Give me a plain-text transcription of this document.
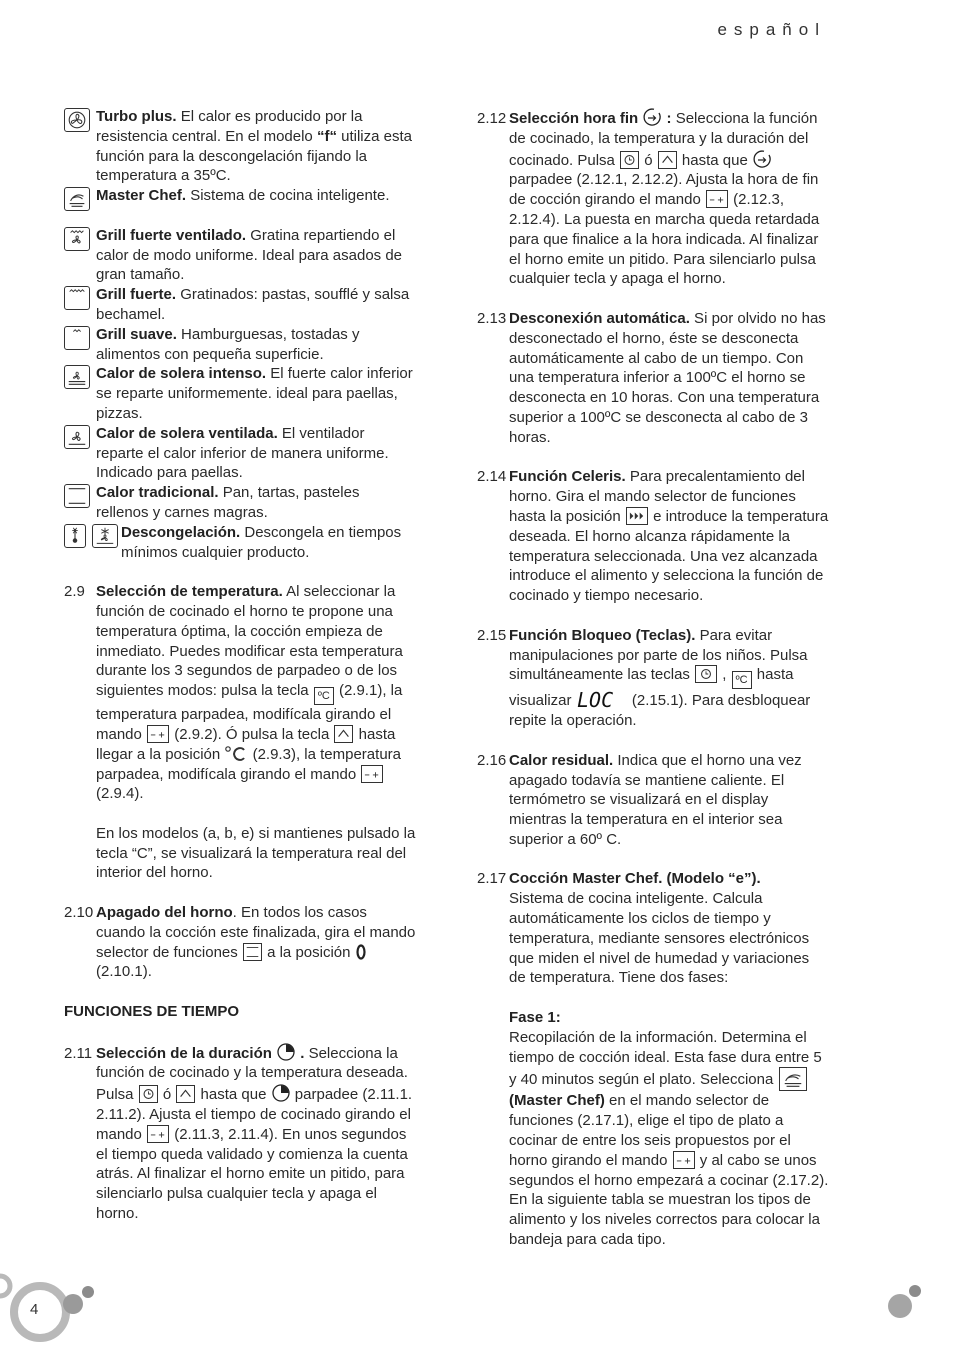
español

Turbo plus. El calor es producido por la resistencia central. En el modelo “f“ utiliza esta función para la descongelación fijando la temperatura a 35ºC.

Master Chef. Sistema de cocina inteligente.

Grill fuerte ventilado. Gratina repartiendo el calor de modo uniforme. Ideal para asados de gran tamaño.

Grill fuerte. Gratinados: pastas, soufflé y salsa bechamel.

Grill suave. Hamburguesas, tostadas y alimentos con pequeña superficie.

Calor de solera intenso. El fuerte calor inferior se reparte uniformemente. ideal para paellas, pizzas.

Calor de solera ventilada. El ventilador reparte el calor inferior de manera uniforme. Indicado para paellas.

Calor tradicional. Pan, tartas, pasteles rellenos y carnes magras.

Descongelación. Descongela en tiempos mínimos cualquier producto.

2.9 Selección de temperatura. Al seleccionar la función de cocinado el horno te propone una temperatura óptima, la cocción empieza de inmediato. Puedes modificar esta temperatura durante los 3 segundos de parpadeo o de los siguientes modos: pulsa la tecla ºC (2.9.1), la temperatura parpadea, modifícala girando el mando
(2.9.2). Ó pulsa la tecla
hasta llegar a la posición
(2.9.3), la temperatura parpadea, modifícala girando el mando
(2.9.4).

En los modelos (a, b, e) si mantienes pulsado la tecla “C”, se visualizará la temperatura real del interior del horno.

2.10 Apagado del horno. En todos los casos cuando la cocción este finalizada, gira el mando selector de funciones
a la posición
(2.10.1).

FUNCIONES DE TIEMPO

2.11 Selección de la duración
. Selecciona la función de cocinado y la temperatura deseada. Pulsa
ó
hasta que
parpadee (2.11.1. 2.11.2). Ajusta el tiempo de cocinado girando el mando
(2.11.3, 2.11.4). En unos segundos el tiempo queda validado y comienza la cuenta atrás. Al finalizar el horno emite un pitido, para silenciarlo pulsa cualquier tecla y apaga el horno.

2.12 Selección hora fin
: Selecciona la función de cocinado, la temperatura y la duración del cocinado. Pulsa
ó
hasta que
parpadee (2.12.1, 2.12.2). Ajusta la hora de fin de cocción girando el mando
(2.12.3, 2.12.4). La puesta en marcha queda retardada para que finalice a la hora indicada. Al finalizar el horno emite un pitido. Para silenciarlo pulsa cualquier tecla y apaga el horno.

2.13 Desconexión automática. Si por olvido no has desconectado el horno, éste se desconecta automáticamente al cabo de un tiempo. Con una temperatura inferior a 100ºC el horno se desconecta en 10 horas. Con una temperatura superior a 100ºC se desconecta al cabo de 3 horas.

2.14 Función Celeris. Para precalentamiento del horno. Gira el mando selector de funciones hasta la posición
e introduce la temperatura deseada. El horno alcanza rápidamente la temperatura seleccionada. Una vez alcanzada introduce el alimento y selecciona la función de cocinado y tiempo necesario.

2.15 Función Bloqueo (Teclas). Para evitar manipulaciones por parte de los niños. Pulsa simultáneamente las teclas
, ºC hasta visualizar LOC (2.15.1). Para desbloquear repite la operación.

2.16 Calor residual. Indica que el horno una vez apagado todavía se mantiene caliente. El termómetro se visualizará en el display mientras la temperatura en el interior sea superior a 60º C.

2.17 Cocción Master Chef. (Modelo “e”).

Sistema de cocina inteligente. Calcula automáticamente los ciclos de tiempo y temperatura, mediante sensores electrónicos que miden el nivel de humedad y variaciones de temperatura. Tiene dos fases:

Fase 1:

Recopilación de la información. Determina el tiempo de cocción ideal. Esta fase dura entre 5 y 40 minutos según el plato. Selecciona
(Master Chef) en el mando selector de funciones (2.17.1), elige el tipo de plato a cocinar de entre los seis propuestos por el horno girando el mando
y al cabo se unos segundos el horno empezará a cocinar (2.17.2). En la siguiente tabla se muestran los tipos de alimento y los niveles correctos para colocar la bandeja para cada tipo.

4
